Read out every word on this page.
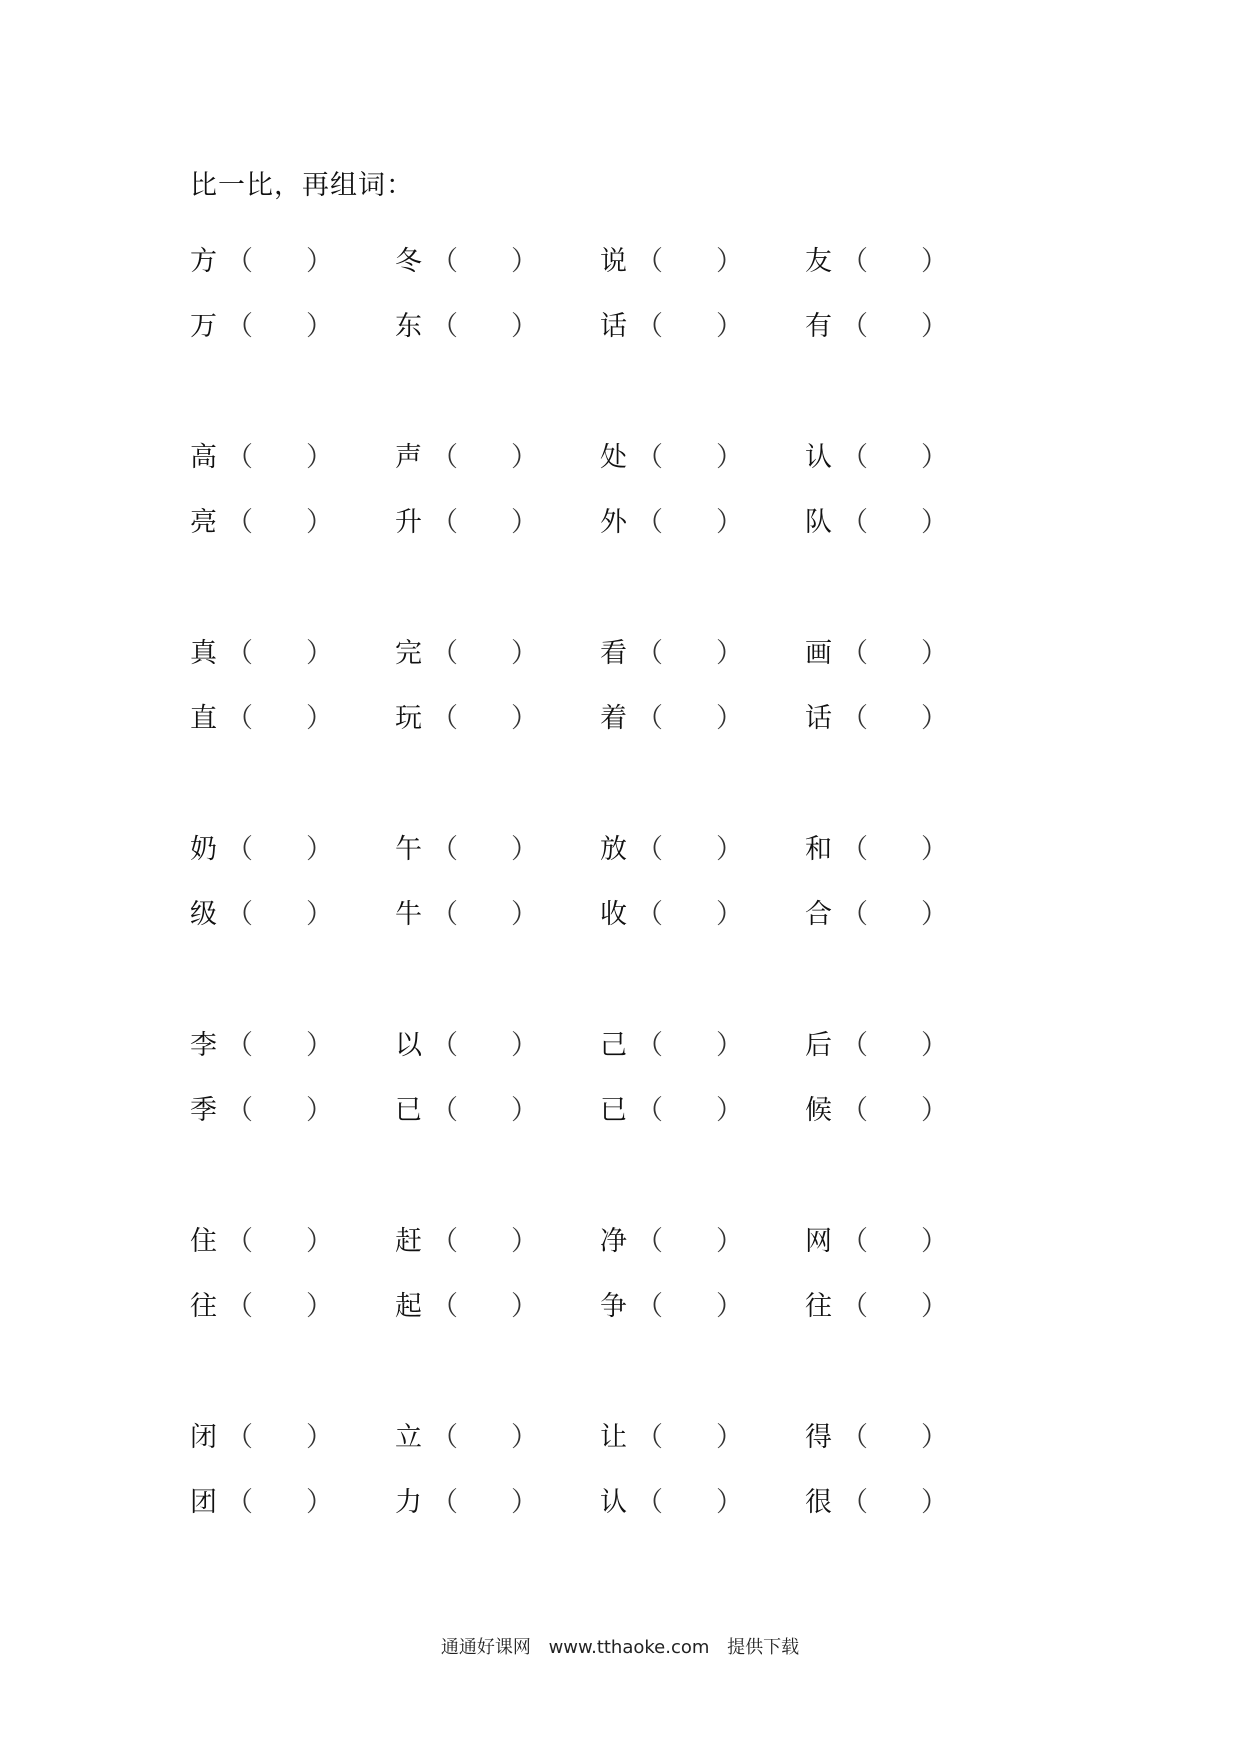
比一比，再组词：
方 （	） 冬 （	） 说 （	） 友 （	）
万 （	） 东 （	） 话 （	） 有 （	）
高 （	） 声 （	） 处 （	） 认 （	）
亮 （	） 升 （	） 外 （	） 队 （	）
真 （	） 完 （	） 看 （	） 画 （	）
直 （	） 玩 （	） 着 （	） 话 （	）
奶 （	） 午 （	） 放 （	） 和 （	）
级 （	） 牛 （	） 收 （	） 合 （	）
李 （	） 以 （	） 己 （	） 后 （	）
季 （	） 已 （	） 已 （	） 候 （	）
住 （	） 赶 （	） 净 （	） 网 （	）
往 （	） 起 （	） 争 （	） 往 （	）
闭 （	） 立 （	） 让 （	） 得 （	）
团 （	） 力 （	） 认 （	） 很 （	）
通通好课网 www.tthaoke.com 提供下载
